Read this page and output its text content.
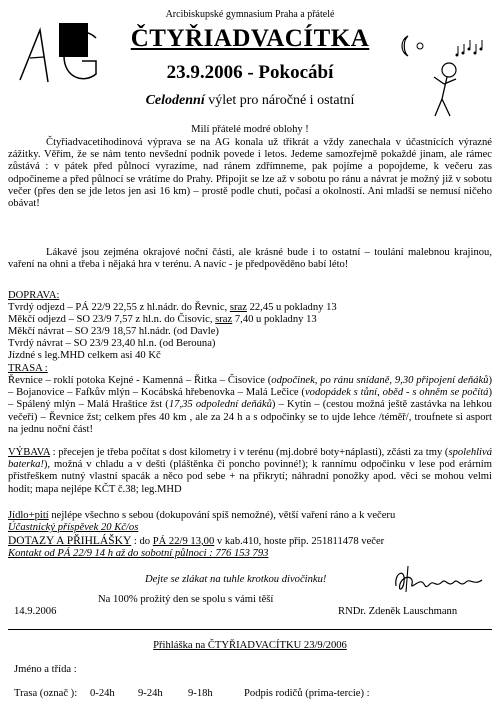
Arcibiskupské gymnasium Praha a přátelé
ČTYŘIADVACÍTKA
23.9.2006 - Pokocábí
Celodenní výlet pro náročné i ostatní
Milí přátelé modré oblohy !
Čtyřiadvacetihodinová výprava se na AG konala už třikrát a vždy zanechala v účastnících výrazné zážitky. Věřím, že se nám tento nevšední podnik povede i letos. Jedeme samozřejmě pokaždé jinam, ale rámec zůstává : v pátek před půlnocí vyrazíme, nad ránem zdřímneme, pak pojíme a popojdeme, k večeru zas odpočineme a před půlnocí se vrátíme do Prahy. Připojit se lze až v sobotu po ránu a návrat je možný již v sobotu večer (přes den se jde letos jen asi 16 km) – prostě podle chuti, počasí a okolností. Ani mladší se nemusí ničeho obávat!
Lákavé jsou zejména okrajové noční části, ale krásné bude i to ostatní – toulání malebnou krajinou, vaření na ohni a třeba i nějaká hra v terénu. A navíc - je předpověděno babí léto!
DOPRAVA:
Tvrdý odjezd – PÁ 22/9 22,55 z hl.nádr. do Řevnic, sraz 22,45 u pokladny 13
Měkčí odjezd – SO 23/9 7,57 z hl.n. do Čisovic, sraz 7,40 u pokladny 13
Měkčí návrat – SO 23/9 18,57 hl.nádr. (od Davle)
Tvrdý návrat – SO 23/9 23,40 hl.n. (od Berouna)
Jízdné s leg.MHD celkem asi 40 Kč
TRASA :
Řevnice – roklí potoka Kejné - Kamenná – Řitka – Čisovice (odpočinek, po ránu snídaně, 9,30 připojení deňáků) – Bojanovice – Fafkův mlýn – Kocábská hřebenovka – Malá Lečice (vodopádek s tůní, oběd - s ohněm se počítá) – Spálený mlýn – Malá Hraštice žst (17,35 odpolední deňáků) – Kytín – (cestou možná ještě zastávka na lehkou večeři) – Řevnice žst; celkem přes 40 km , ale za 24 h a s odpočinky se to ujde lehce /téměř/, troufnete si asport na jednu noční část!
VÝBAVA : přecejen je třeba počítat s dost kilometry i v terénu (mj.dobré boty+náplasti), zčásti za tmy (spolehlivá baterka!), možná v chladu a v dešti (pláštěnka či poncho povinné!); k rannímu odpočinku v lese pod erárním přístřeškem nutný vlastní spacák a něco pod sebe + na přikrytí; náhradní ponožky apod. věci se mohou velmi hodit; mapa nejlépe KČT č.38; leg.MHD
Jídlo+pití nejlépe všechno s sebou (dokupování spíš nemožné), větší vaření ráno a k večeru
Účastnický příspěvek 20 Kč/os
DOTAZY A PŘIHLÁŠKY : do PÁ 22/9 13,00 v kab.410, hoste přip. 251811478 večer
Kontakt od PÁ 22/9 14 h až do sobotní půlnoci : 776 153 793
Dejte se zlákat na tuhle krotkou divočinku!
Na 100% prožitý den se spolu s vámi těší
14.9.2006	RNDr. Zdeněk Lauschmann
Přihláška na ČTYŘIADVACÍTKU 23/9/2006
Jméno a třída :
Trasa (označ ): 0-24h 9-24h 9-18h	Podpis rodičů (prima-tercie) :
